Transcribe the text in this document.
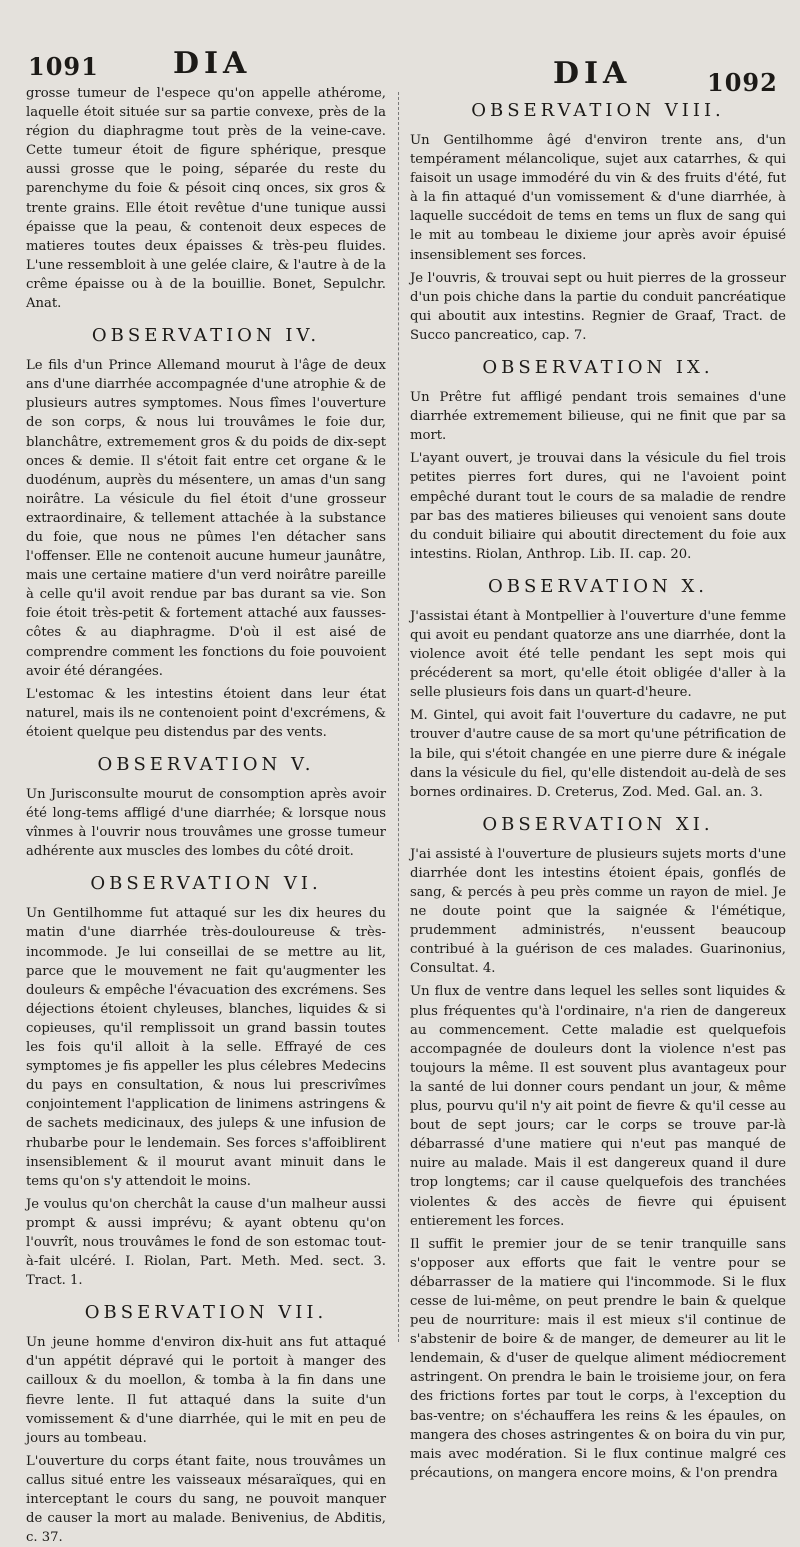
1091 DIA	DIA	1092

grosse tumeur de l'espece qu'on appelle athérome, laquelle étoit située sur sa partie convexe, près de la région du diaphragme tout près de la veine-cave. Cette tumeur étoit de figure sphérique, presque aussi grosse que le poing, séparée du reste du parenchyme du foie & pésoit cinq onces, six gros & trente grains. Elle étoit revêtue d'une tunique aussi épaisse que la peau, & contenoit deux especes de matieres toutes deux épaisses & très-peu fluides. L'une ressembloit à une gelée claire, & l'autre à de la crême épaisse ou à de la bouillie. Bonet, Sepulchr. Anat.

OBSERVATION IV.

Le fils d'un Prince Allemand mourut à l'âge de deux ans d'une diarrhée accompagnée d'une atrophie & de plusieurs autres symptomes. Nous fîmes l'ouverture de son corps, & nous lui trouvâmes le foie dur, blanchâtre, extremement gros & du poids de dix-sept onces & demie. Il s'étoit fait entre cet organe & le duodénum, auprès du mésentere, un amas d'un sang noirâtre. La vésicule du fiel étoit d'une grosseur extraordinaire, & tellement attachée à la substance du foie, que nous ne pûmes l'en détacher sans l'offenser. Elle ne contenoit aucune humeur jaunâtre, mais une certaine matiere d'un verd noirâtre pareille à celle qu'il avoit rendue par bas durant sa vie. Son foie étoit très-petit & fortement attaché aux fausses-côtes & au diaphragme. D'où il est aisé de comprendre comment les fonctions du foie pouvoient avoir été dérangées.

L'estomac & les intestins étoient dans leur état naturel, mais ils ne contenoient point d'excrémens, & étoient quelque peu distendus par des vents.

OBSERVATION V.

Un Jurisconsulte mourut de consomption après avoir été long-tems affligé d'une diarrhée; & lorsque nous vînmes à l'ouvrir nous trouvâmes une grosse tumeur adhérente aux muscles des lombes du côté droit.

OBSERVATION VI.

Un Gentilhomme fut attaqué sur les dix heures du matin d'une diarrhée très-douloureuse & très-incommode. Je lui conseillai de se mettre au lit, parce que le mouvement ne fait qu'augmenter les douleurs & empêche l'évacuation des excrémens. Ses déjections étoient chyleuses, blanches, liquides & si copieuses, qu'il remplissoit un grand bassin toutes les fois qu'il alloit à la selle. Effrayé de ces symptomes je fis appeller les plus célebres Medecins du pays en consultation, & nous lui prescrivîmes conjointement l'application de linimens astringens & de sachets medicinaux, des juleps & une infusion de rhubarbe pour le lendemain. Ses forces s'affoiblirent insensiblement & il mourut avant minuit dans le tems qu'on s'y attendoit le moins.

Je voulus qu'on cherchât la cause d'un malheur aussi prompt & aussi imprévu; & ayant obtenu qu'on l'ouvrît, nous trouvâmes le fond de son estomac tout-à-fait ulcéré. I. Riolan, Part. Meth. Med. sect. 3. Tract. 1.

OBSERVATION VII.

Un jeune homme d'environ dix-huit ans fut attaqué d'un appétit dépravé qui le portoit à manger des cailloux & du moellon, & tomba à la fin dans une fievre lente. Il fut attaqué dans la suite d'un vomissement & d'une diarrhée, qui le mit en peu de jours au tombeau.

L'ouverture du corps étant faite, nous trouvâmes un callus situé entre les vaisseaux mésaraïques, qui en interceptant le cours du sang, ne pouvoit manquer de causer la mort au malade. Benivenius, de Abditis, c. 37.

OBSERVATION VIII.

Un Gentilhomme âgé d'environ trente ans, d'un tempérament mélancolique, sujet aux catarrhes, & qui faisoit un usage immodéré du vin & des fruits d'été, fut à la fin attaqué d'un vomissement & d'une diarrhée, à laquelle succédoit de tems en tems un flux de sang qui le mit au tombeau le dixieme jour après avoir épuisé insensiblement ses forces.

Je l'ouvris, & trouvai sept ou huit pierres de la grosseur d'un pois chiche dans la partie du conduit pancréatique qui aboutit aux intestins. Regnier de Graaf, Tract. de Succo pancreatico, cap. 7.

OBSERVATION IX.

Un Prêtre fut affligé pendant trois semaines d'une diarrhée extremement bilieuse, qui ne finit que par sa mort.

L'ayant ouvert, je trouvai dans la vésicule du fiel trois petites pierres fort dures, qui ne l'avoient point empêché durant tout le cours de sa maladie de rendre par bas des matieres bilieuses qui venoient sans doute du conduit biliaire qui aboutit directement du foie aux intestins. Riolan, Anthrop. Lib. II. cap. 20.

OBSERVATION X.

J'assistai étant à Montpellier à l'ouverture d'une femme qui avoit eu pendant quatorze ans une diarrhée, dont la violence avoit été telle pendant les sept mois qui précéderent sa mort, qu'elle étoit obligée d'aller à la selle plusieurs fois dans un quart-d'heure.

M. Gintel, qui avoit fait l'ouverture du cadavre, ne put trouver d'autre cause de sa mort qu'une pétrification de la bile, qui s'étoit changée en une pierre dure & inégale dans la vésicule du fiel, qu'elle distendoit au-delà de ses bornes ordinaires. D. Creterus, Zod. Med. Gal. an. 3.

OBSERVATION XI.

J'ai assisté à l'ouverture de plusieurs sujets morts d'une diarrhée dont les intestins étoient épais, gonflés de sang, & percés à peu près comme un rayon de miel. Je ne doute point que la saignée & l'émétique, prudemment administrés, n'eussent beaucoup contribué à la guérison de ces malades. Guarinonius, Consultat. 4.

Un flux de ventre dans lequel les selles sont liquides & plus fréquentes qu'à l'ordinaire, n'a rien de dangereux au commencement. Cette maladie est quelquefois accompagnée de douleurs dont la violence n'est pas toujours la même. Il est souvent plus avantageux pour la santé de lui donner cours pendant un jour, & même plus, pourvu qu'il n'y ait point de fievre & qu'il cesse au bout de sept jours; car le corps se trouve par-là débarrassé d'une matiere qui n'eut pas manqué de nuire au malade. Mais il est dangereux quand il dure trop longtems; car il cause quelquefois des tranchées violentes & des accès de fievre qui épuisent entierement les forces.

Il suffit le premier jour de se tenir tranquille sans s'opposer aux efforts que fait le ventre pour se débarrasser de la matiere qui l'incommode. Si le flux cesse de lui-même, on peut prendre le bain & quelque peu de nourriture: mais il est mieux s'il continue de s'abstenir de boire & de manger, de demeurer au lit le lendemain, & d'user de quelque aliment médiocrement astringent. On prendra le bain le troisieme jour, on fera des frictions fortes par tout le corps, à l'exception du bas-ventre; on s'échauffera les reins & les épaules, on mangera des choses astringentes & on boira du vin pur, mais avec modération. Si le flux continue malgré ces précautions, on mangera encore moins, & l'on prendra
